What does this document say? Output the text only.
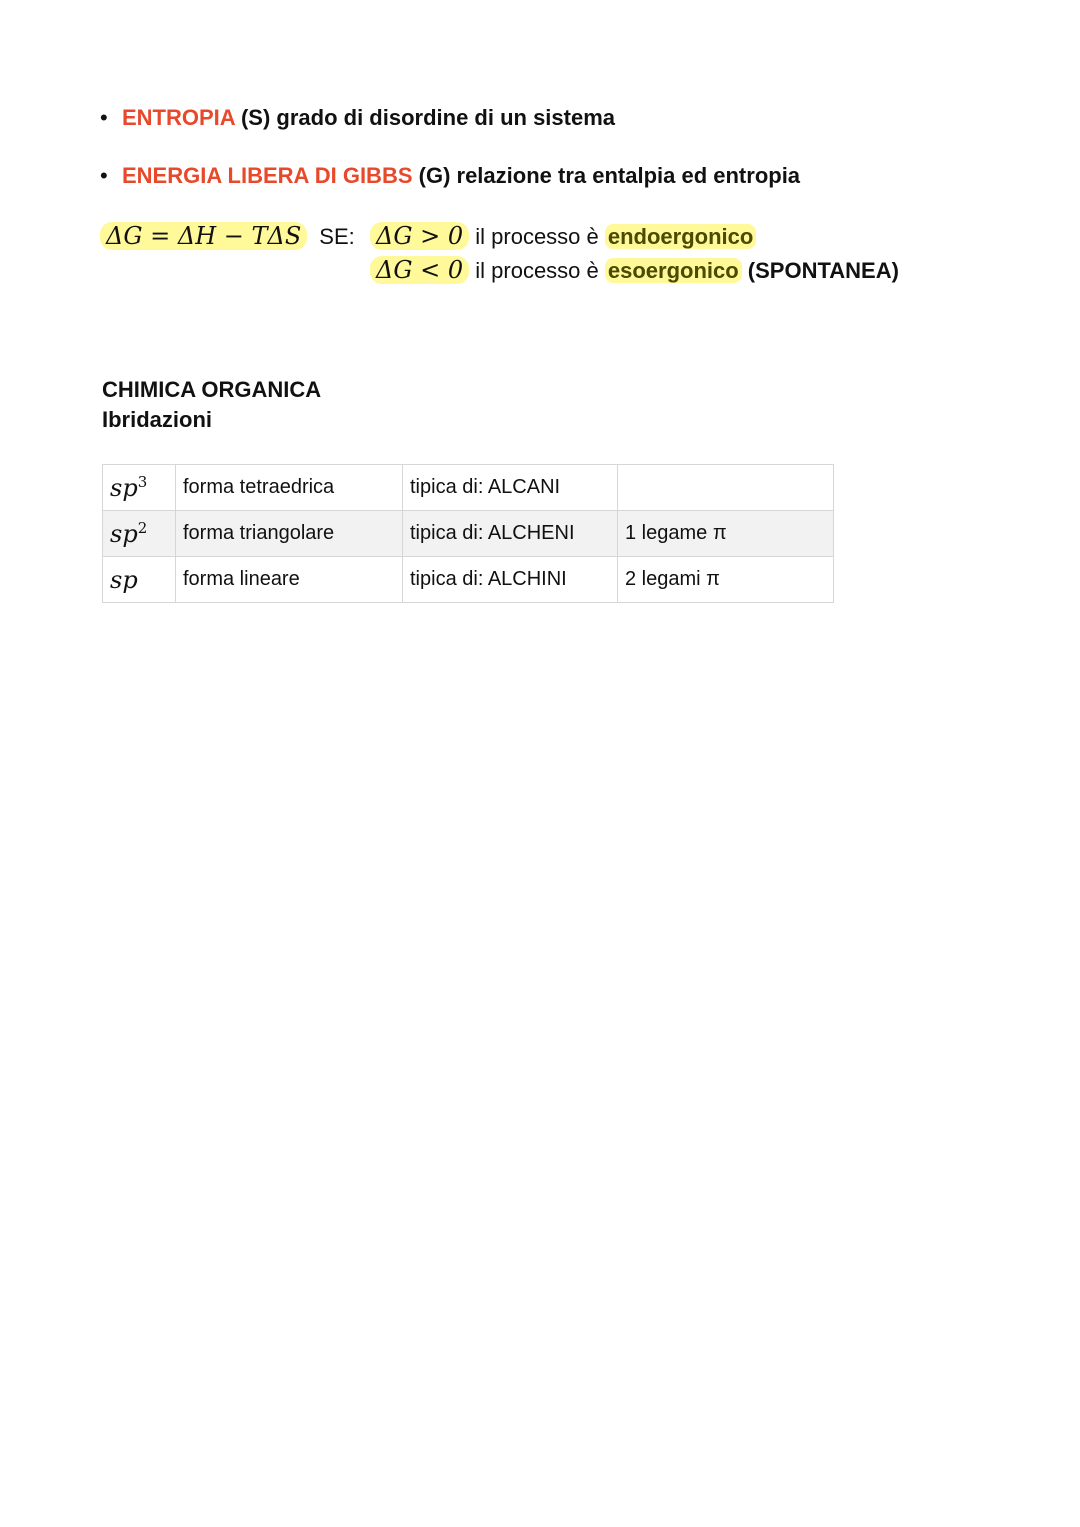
• ENTROPIA (S) grado di disordine di un sistema
• ENERGIA LIBERA DI GIBBS (G) relazione tra entalpia ed entropia
ΔG = ΔH − TΔS SE: ΔG > 0 il processo è endoergonico
ΔG < 0 il processo è esoergonico (SPONTANEA)
CHIMICA ORGANICA
Ibridazioni
$sp^3$	forma tetraedrica	tipica di: ALCANI	
$sp^2$	forma triangolare	tipica di: ALCHENI	1 legame π
sp	forma lineare	tipica di: ALCHINI	2 legami π
